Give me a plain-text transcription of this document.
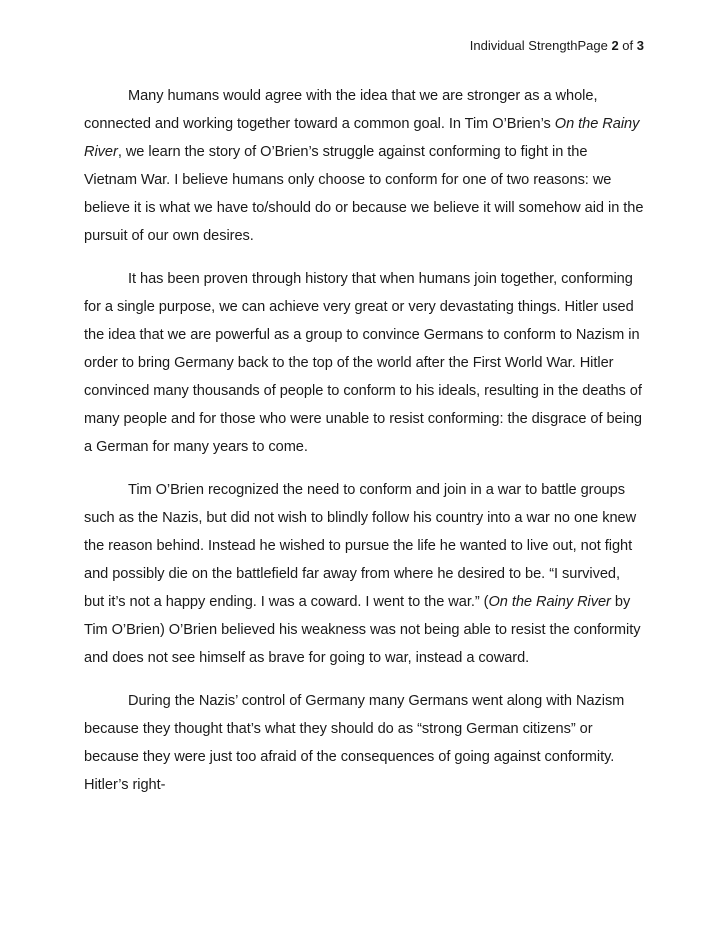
Individual StrengthPage 2 of 3

Many humans would agree with the idea that we are stronger as a whole, connected and working together toward a common goal. In Tim O’Brien’s On the Rainy River, we learn the story of O’Brien’s struggle against conforming to fight in the Vietnam War. I believe humans only choose to conform for one of two reasons: we believe it is what we have to/should do or because we believe it will somehow aid in the pursuit of our own desires.

It has been proven through history that when humans join together, conforming for a single purpose, we can achieve very great or very devastating things. Hitler used the idea that we are powerful as a group to convince Germans to conform to Nazism in order to bring Germany back to the top of the world after the First World War. Hitler convinced many thousands of people to conform to his ideals, resulting in the deaths of many people and for those who were unable to resist conforming: the disgrace of being a German for many years to come.

Tim O’Brien recognized the need to conform and join in a war to battle groups such as the Nazis, but did not wish to blindly follow his country into a war no one knew the reason behind. Instead he wished to pursue the life he wanted to live out, not fight and possibly die on the battlefield far away from where he desired to be. “I survived, but it’s not a happy ending. I was a coward. I went to the war.” (On the Rainy River by Tim O’Brien) O’Brien believed his weakness was not being able to resist the conformity and does not see himself as brave for going to war, instead a coward.

During the Nazis’ control of Germany many Germans went along with Nazism because they thought that’s what they should do as “strong German citizens” or because they were just too afraid of the consequences of going against conformity. Hitler’s right-
